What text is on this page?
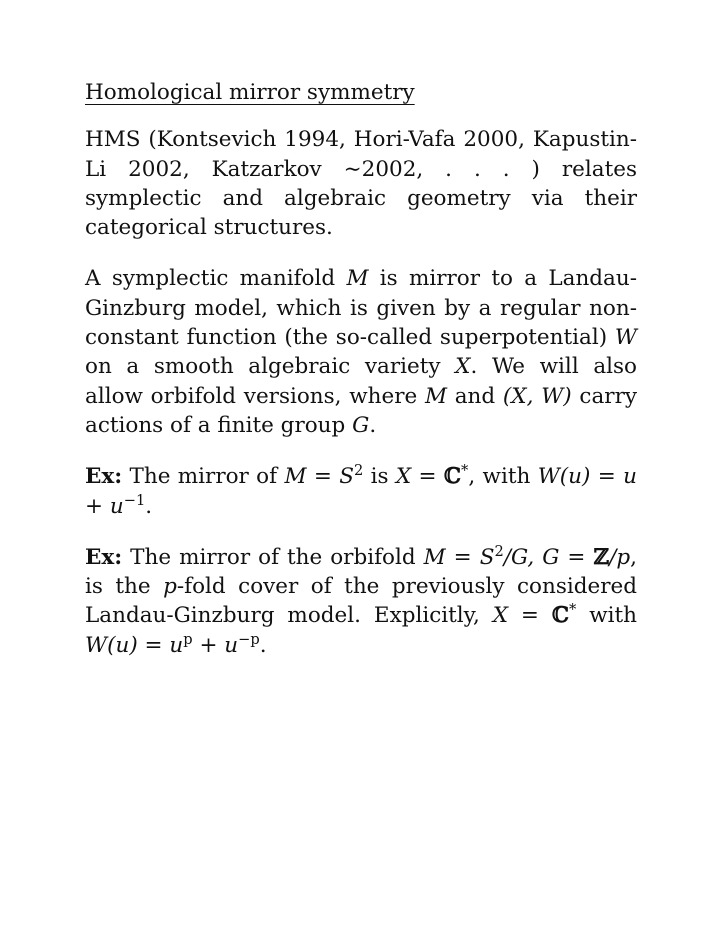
Homological mirror symmetry

HMS (Kontsevich 1994, Hori-Vafa 2000, Kapustin-Li 2002, Katzarkov ∼2002, . . . ) relates symplectic and algebraic geometry via their categorical structures.

A symplectic manifold M is mirror to a Landau-Ginzburg model, which is given by a regular non-constant function (the so-called superpotential) W on a smooth algebraic variety X. We will also allow orbifold versions, where M and (X, W) carry actions of a finite group G.

Ex: The mirror of $M = S^2$ is X = ℂ*, with $W(u) = u + u^{-1}$.

Ex: The mirror of the orbifold $M = S^2/G$, G = ℤ/p, is the p-fold cover of the previously considered Landau-Ginzburg model. Explicitly, X = ℂ* with $W(u) = u^p + u^{-p}$.
